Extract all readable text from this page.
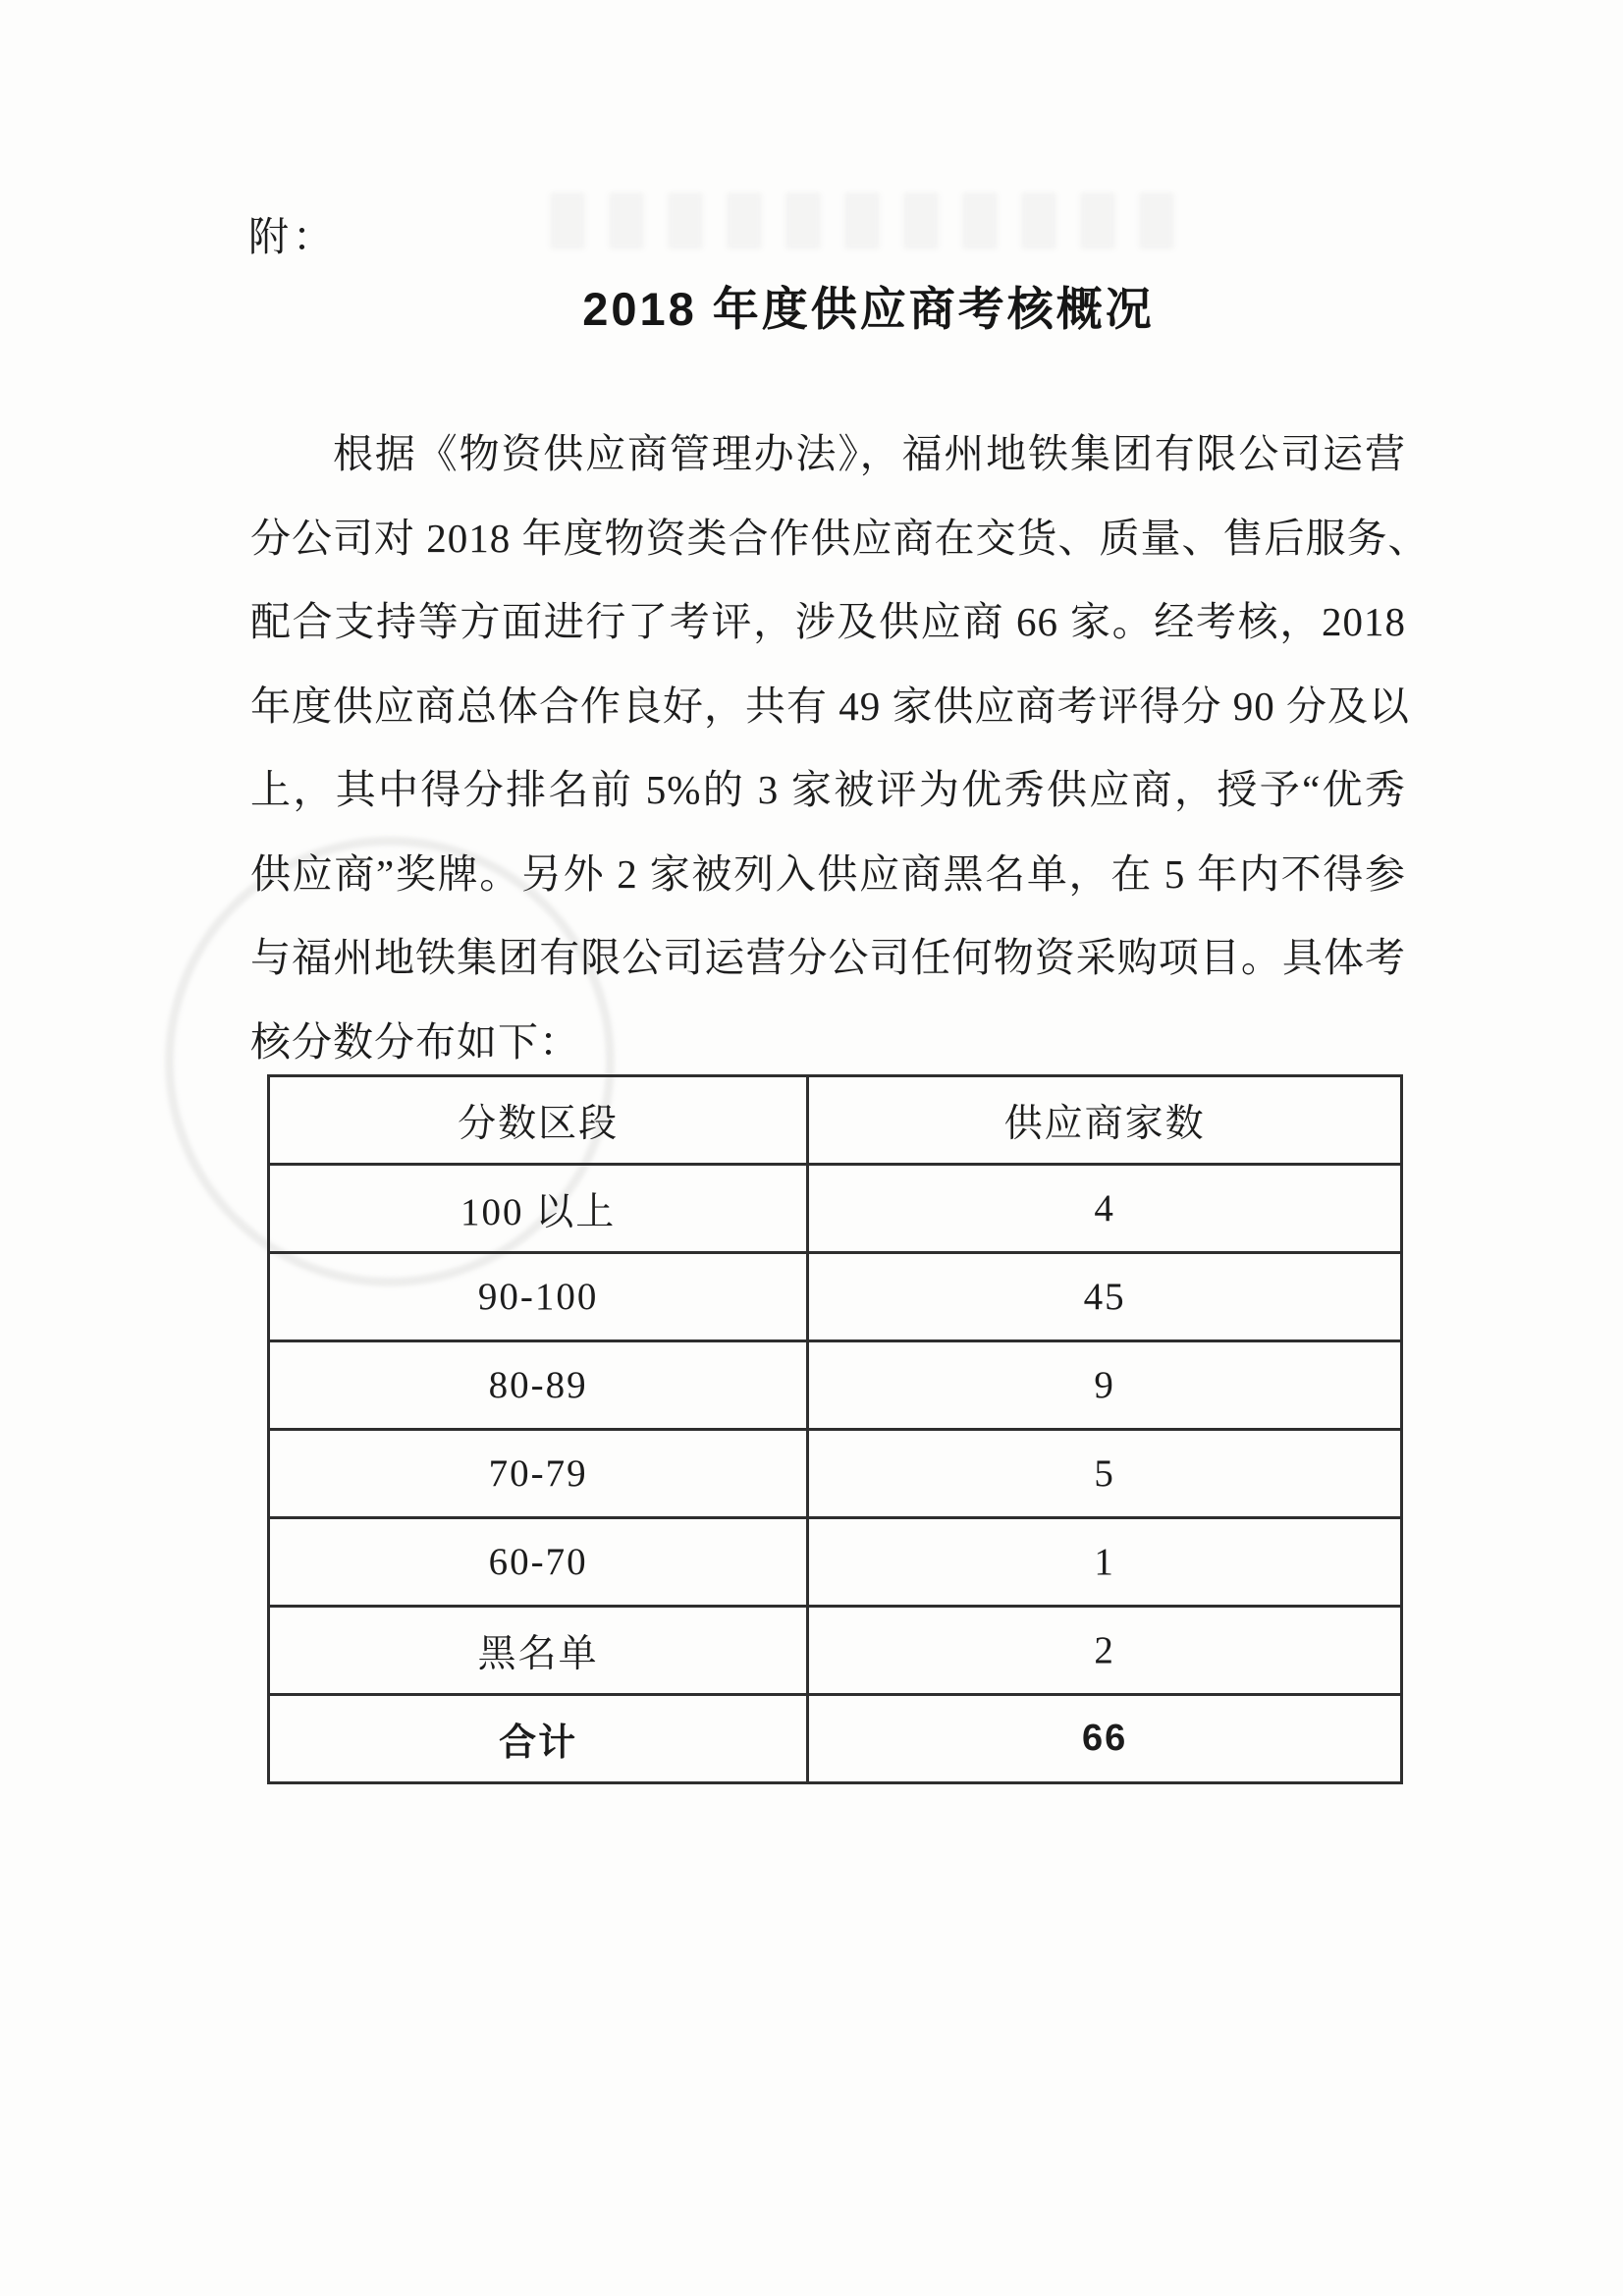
附：
2018 年度供应商考核概况
根据《物资供应商管理办法》，福州地铁集团有限公司运营
分公司对 2018 年度物资类合作供应商在交货、质量、售后服务、
配合支持等方面进行了考评，涉及供应商 66 家。经考核，2018
年度供应商总体合作良好，共有 49 家供应商考评得分 90 分及以
上，其中得分排名前 5%的 3 家被评为优秀供应商，授予“优秀
供应商”奖牌。另外 2 家被列入供应商黑名单，在 5 年内不得参
与福州地铁集团有限公司运营分公司任何物资采购项目。具体考
核分数分布如下：
分数区段	供应商家数
100 以上	4
90-100	45
80-89	9
70-79	5
60-70	1
黑名单	2
合计	66
